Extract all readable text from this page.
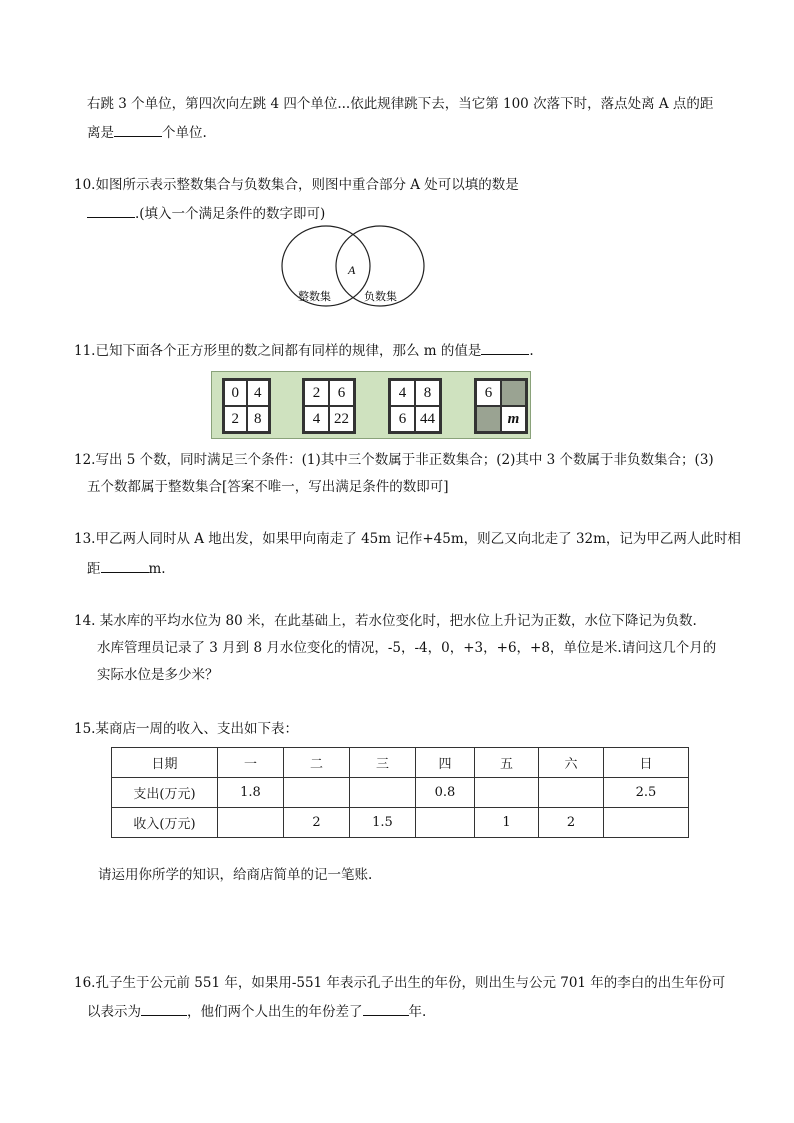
右跳 3 个单位，第四次向左跳 4 四个单位...依此规律跳下去，当它第 100 次落下时，落点处离 A 点的距
离是	个单位.
10.如图所示表示整数集合与负数集合，则图中重合部分 A 处可以填的数是
.(填入一个满足条件的数字即可)
A
整数集	负数集
11.已知下面各个正方形里的数之间都有同样的规律，那么 m 的值是	.
0	4
2	8
2	6
4 22
4	8
6 44
6
m
12.写出 5 个数，同时满足三个条件：(1)其中三个数属于非正数集合；(2)其中 3 个数属于非负数集合；(3)
五个数都属于整数集合[答案不唯一，写出满足条件的数即可]
13.甲乙两人同时从 A 地出发，如果甲向南走了 45m 记作+45m，则乙又向北走了 32m，记为甲乙两人此时相
距	m.
14. 某水库的平均水位为 80 米，在此基础上，若水位变化时，把水位上升记为正数，水位下降记为负数.
水库管理员记录了 3 月到 8 月水位变化的情况，-5，-4，0，+3，+6，+8，单位是米.请问这几个月的
实际水位是多少米？
15.某商店一周的收入、支出如下表：
日期	一	二	三	四	五	六	日
支出(万元)	1.8			0.8			2.5
收入(万元)		2	1.5		1	2	
请运用你所学的知识，给商店简单的记一笔账.
16.孔子生于公元前 551 年，如果用-551 年表示孔子出生的年份，则出生与公元 701 年的李白的出生年份可
以表示为	，他们两个人出生的年份差了	年.
